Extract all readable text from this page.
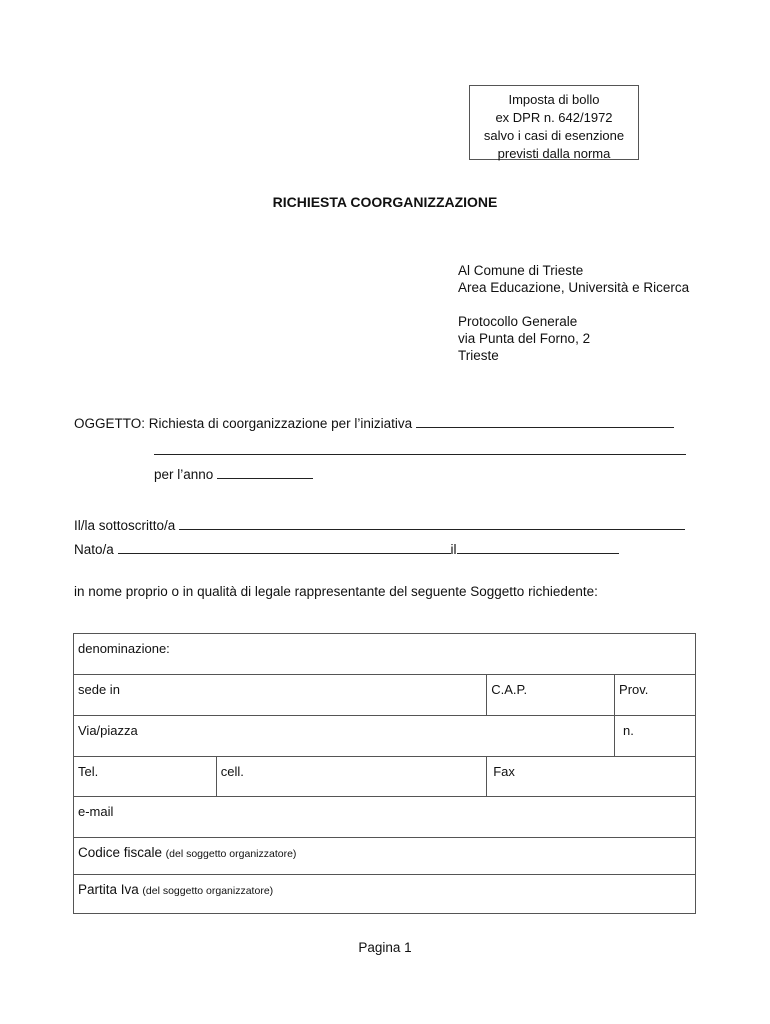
Imposta di bollo
ex DPR n. 642/1972
salvo i casi di esenzione
previsti dalla norma
RICHIESTA COORGANIZZAZIONE
Al Comune di Trieste
Area Educazione, Università e Ricerca
Protocollo Generale
via Punta del Forno, 2
Trieste
OGGETTO: Richiesta di coorganizzazione per l’iniziativa
per l’anno
Il/la sottoscritto/a
Nato/a	il
in nome proprio o in qualità di legale rappresentante del seguente Soggetto richiedente:
denominazione:			
sede in		C.A.P.	Prov.
Via/piazza			n.
Tel.	cell.	Fax	
e-mail			
Codice fiscale (del soggetto organizzatore)			
Partita Iva (del soggetto organizzatore)			
Pagina 1
